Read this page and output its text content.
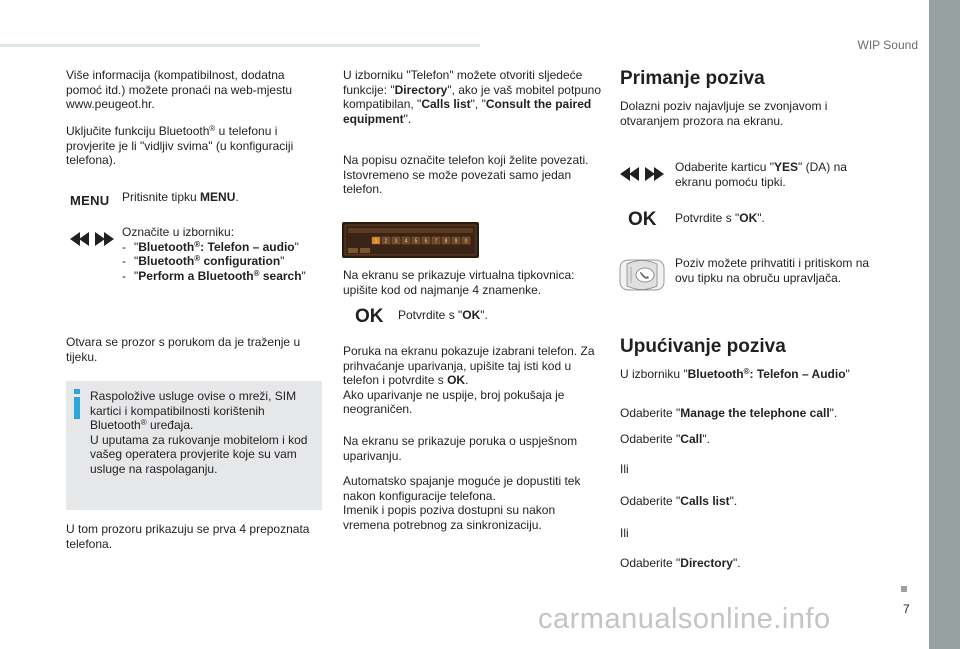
WIP Sound
7

Više informacija (kompatibilnost, dodatna pomoć itd.) možete pronaći na web-mjestu www.peugeot.hr.

Uključite funkciju Bluetooth® u telefonu i provjerite je li "vidljiv svima" (u konfiguraciji telefona).

MENU Pritisnite tipku MENU.

Označite u izborniku:
- "Bluetooth®: Telefon – audio"
- "Bluetooth® configuration"
- "Perform a Bluetooth® search"

Otvara se prozor s porukom da je traženje u tijeku.

Raspoložive usluge ovise o mreži, SIM kartici i kompatibilnosti korištenih Bluetooth® uređaja.
U uputama za rukovanje mobitelom i kod vašeg operatera provjerite koje su vam usluge na raspolaganju.

U tom prozoru prikazuju se prva 4 prepoznata telefona.

U izborniku "Telefon" možete otvoriti sljedeće funkcije: "Directory", ako je vaš mobitel potpuno kompatibilan, "Calls list", "Consult the paired equipment".

Na popisu označite telefon koji želite povezati. Istovremeno se može povezati samo jedan telefon.

1 2 3 4 5 6 7 8 9 0

Na ekranu se prikazuje virtualna tipkovnica: upišite kod od najmanje 4 znamenke.

OK Potvrdite s "OK".

Poruka na ekranu pokazuje izabrani telefon. Za prihvaćanje uparivanja, upišite taj isti kod u telefon i potvrdite s OK.
Ako uparivanje ne uspije, broj pokušaja je neograničen.

Na ekranu se prikazuje poruka o uspješnom uparivanju.

Automatsko spajanje moguće je dopustiti tek nakon konfiguracije telefona.
Imenik i popis poziva dostupni su nakon vremena potrebnog za sinkronizaciju.
Primanje poziva

Dolazni poziv najavljuje se zvonjavom i otvaranjem prozora na ekranu.

Odaberite karticu "YES" (DA) na ekranu pomoću tipki.

OK Potvrdite s "OK".

Poziv možete prihvatiti i pritiskom na ovu tipku na obruču upravljača.

Upućivanje poziva

U izborniku "Bluetooth®: Telefon – Audio"

Odaberite "Manage the telephone call".

Odaberite "Call".

Ili

Odaberite "Calls list".

Ili

Odaberite "Directory".

carmanualsonline.info
